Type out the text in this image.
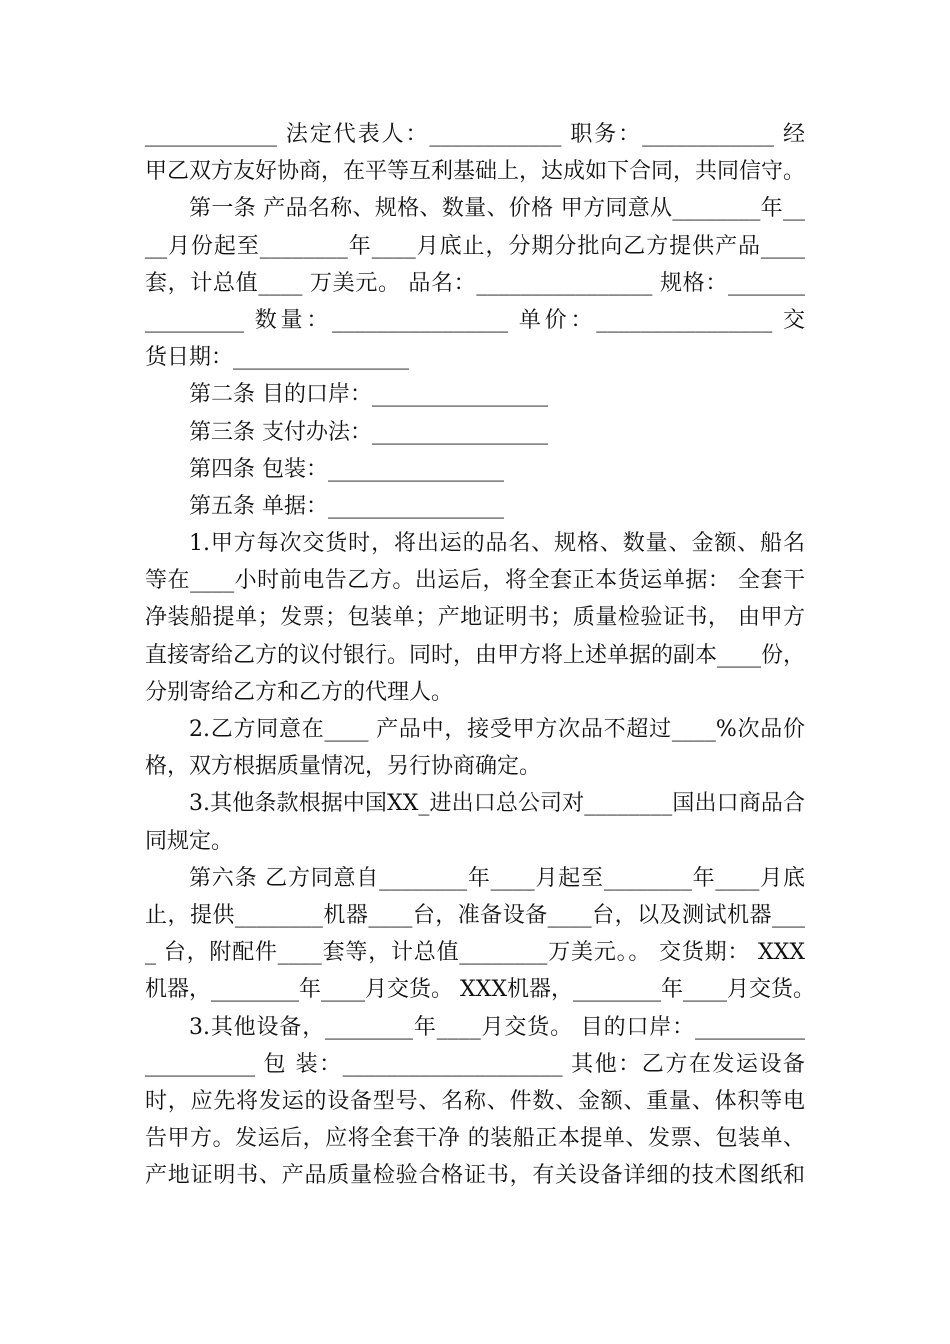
____________ 法定代表人：____________ 职务：____________ 经
甲乙双方友好协商，在平等互利基础上，达成如下合同，共同信守。
第一条 产品名称、规格、数量、价格 甲方同意从________年__
__月份起至________年____月底止，分期分批向乙方提供产品____
套，计总值____ 万美元。 品名：________________ 规格：_______
_________ 数量：________________ 单价：________________ 交
货日期：________________
第二条 目的口岸：________________
第三条 支付办法：________________
第四条 包装：________________
第五条 单据：________________
1.甲方每次交货时，将出运的品名、规格、数量、金额、船名
等在____小时前电告乙方。出运后，将全套正本货运单据： 全套干
净装船提单；发票；包装单；产地证明书；质量检验证书， 由甲方
直接寄给乙方的议付银行。同时，由甲方将上述单据的副本____份，
分别寄给乙方和乙方的代理人。
2.乙方同意在____ 产品中，接受甲方次品不超过____%次品价
格，双方根据质量情况，另行协商确定。
3.其他条款根据中国XX_进出口总公司对________国出口商品合
同规定。
第六条 乙方同意自________年____月起至________年____月底
止，提供________机器____台，准备设备____台，以及测试机器___
_ 台，附配件____套等，计总值________万美元。。 交货期： XXX
机器，________年____月交货。 XXX机器，________年____月交货。
3.其他设备，________年____月交货。 目的口岸：__________
__________ 包 装：____________________ 其他：乙方在发运设备
时，应先将发运的设备型号、名称、件数、金额、重量、体积等电
告甲方。发运后，应将全套干净 的装船正本提单、发票、包装单、
产地证明书、产品质量检验合格证书，有关设备详细的技术图纸和
